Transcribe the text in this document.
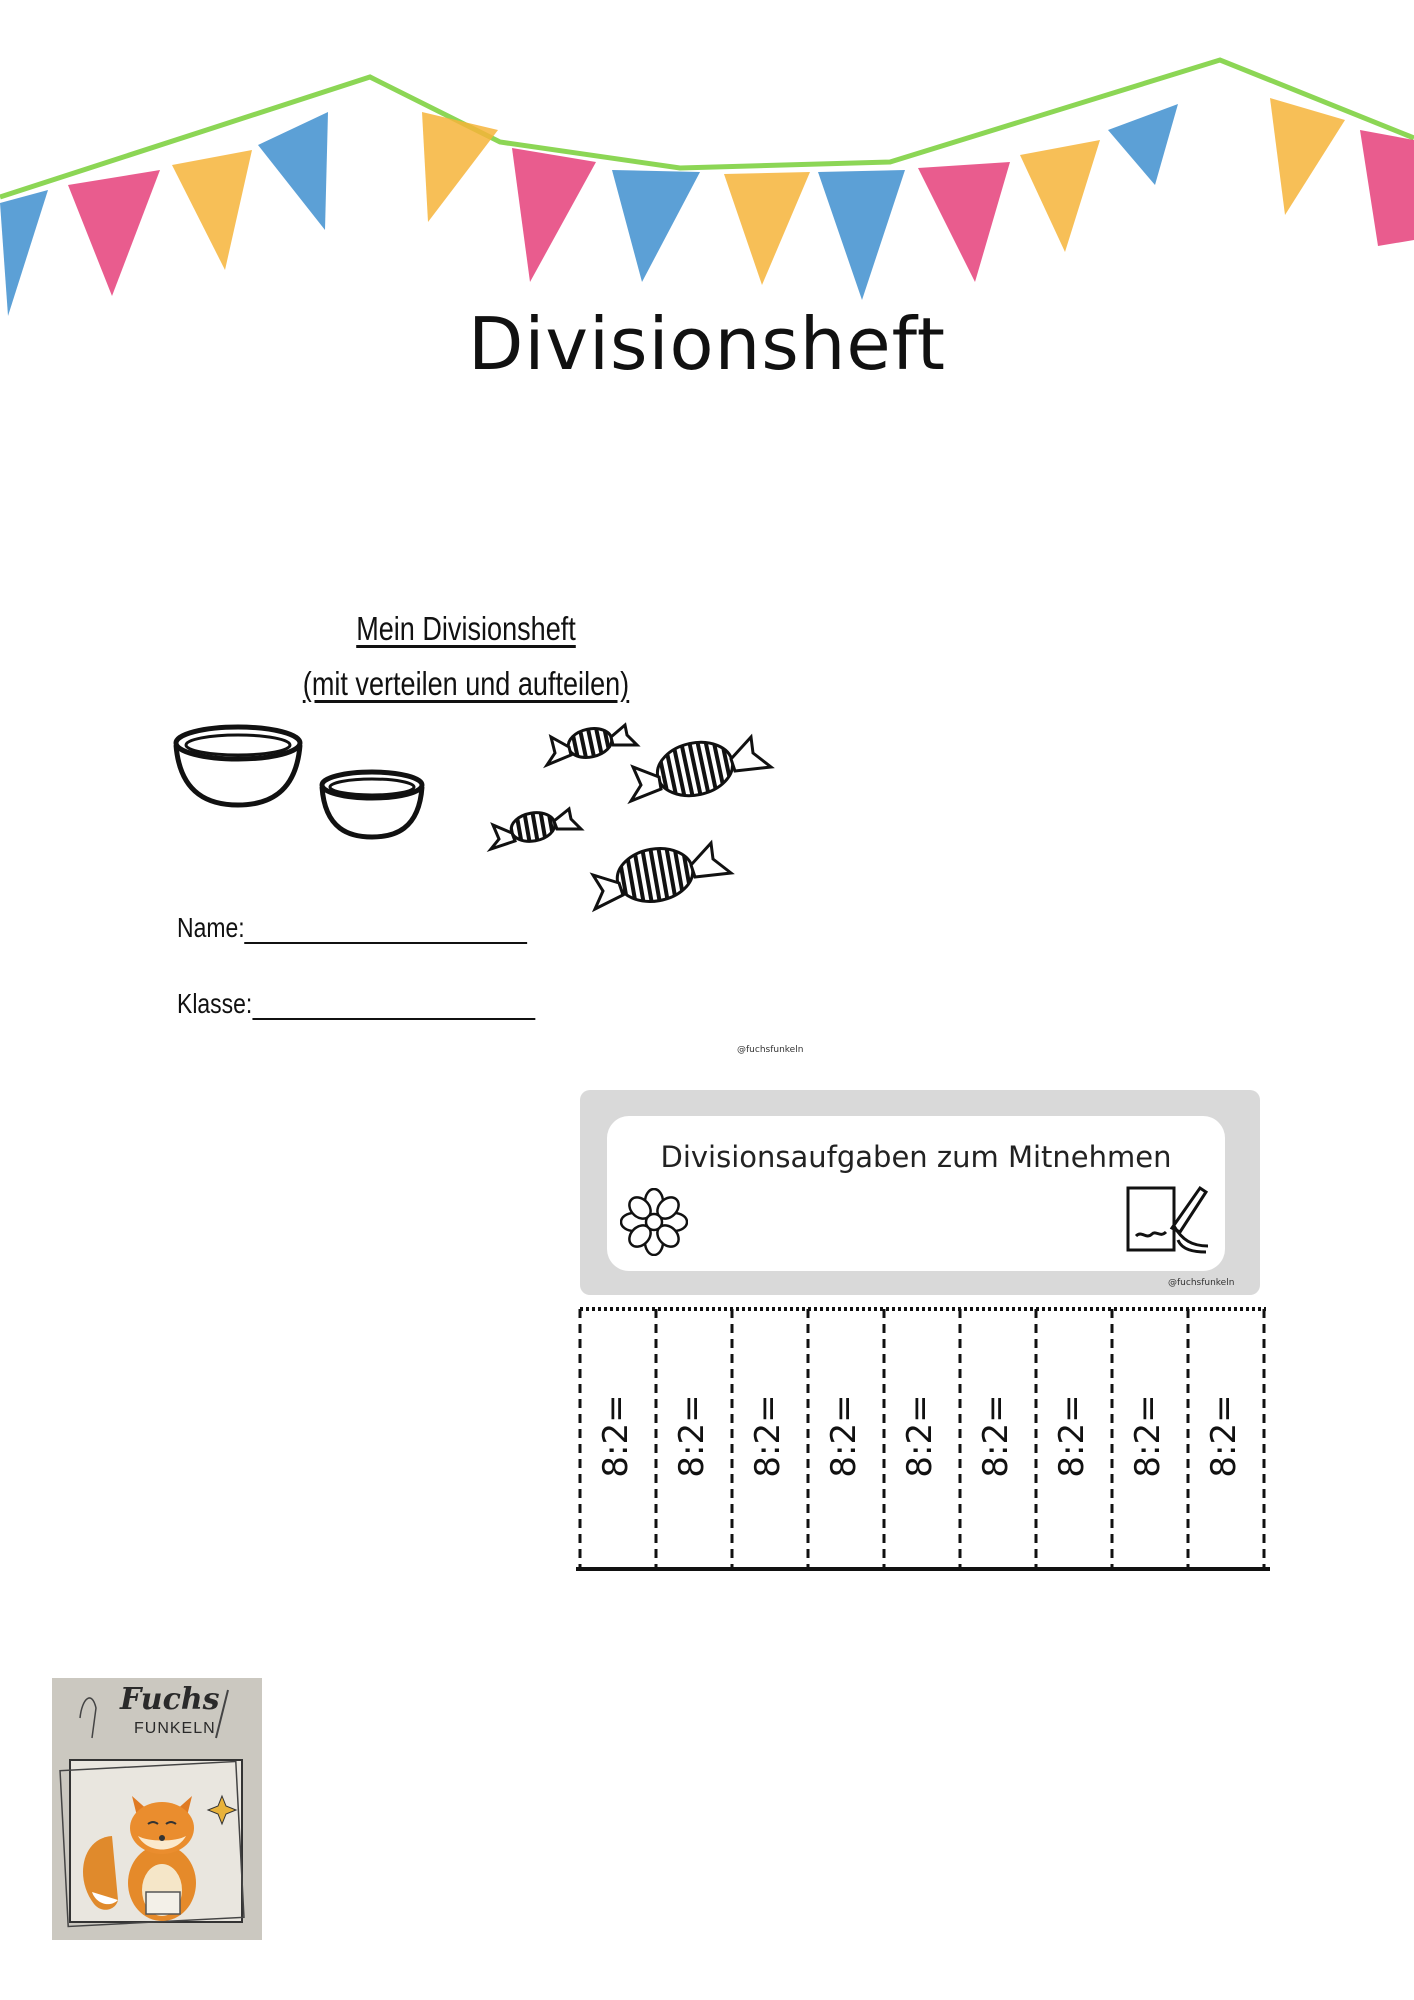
Divisionsheft
Mein Divisionsheft
(mit verteilen und aufteilen)
Name:
Klasse:
@fuchsfunkeln
Divisionsaufgaben zum Mitnehmen
@fuchsfunkeln
8:2= 8:2= 8:2= 8:2= 8:2= 8:2= 8:2= 8:2= 8:2=
Fuchs
FUNKELN
